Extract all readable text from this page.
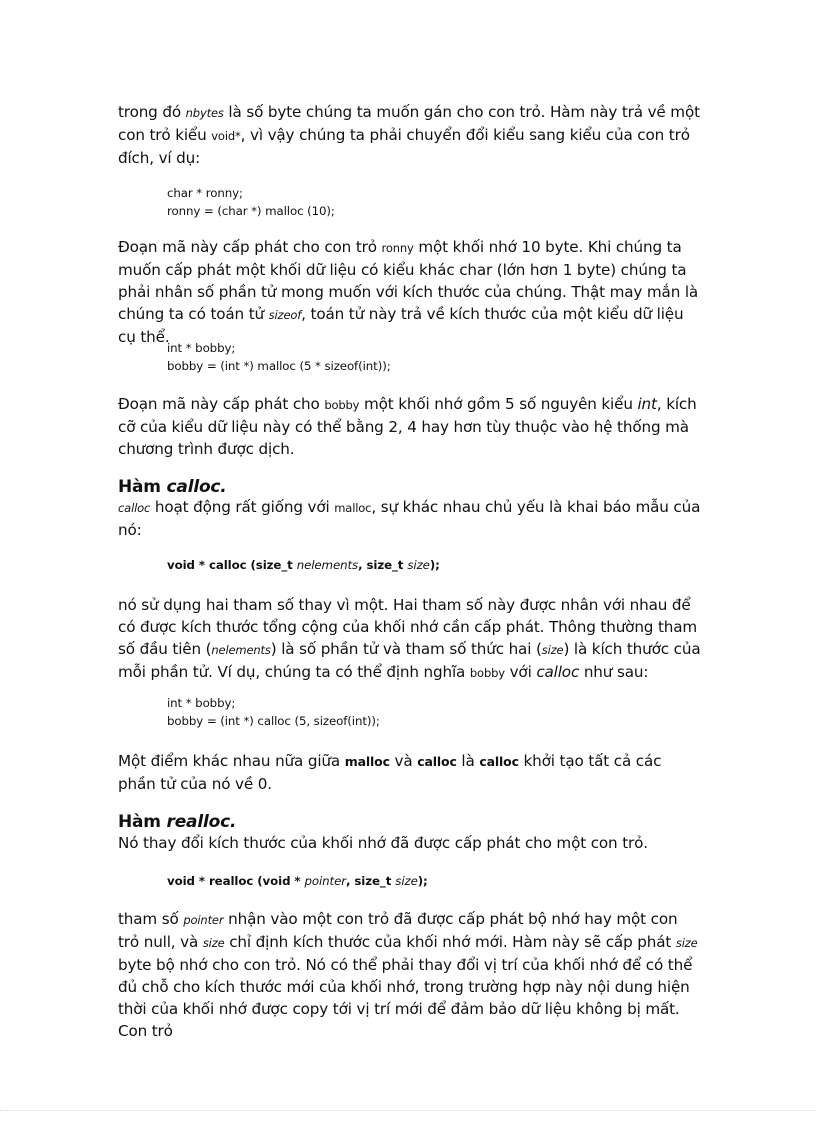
trong đó nbytes là số byte chúng ta muốn gán cho con trỏ. Hàm này trả về một con trỏ kiểu void*, vì vậy chúng ta phải chuyển đổi kiểu sang kiểu của con trỏ đích, ví dụ:

char * ronny;
ronny = (char *) malloc (10);

Đoạn mã này cấp phát cho con trỏ ronny một khối nhớ 10 byte. Khi chúng ta muốn cấp phát một khối dữ liệu có kiểu khác char (lớn hơn 1 byte) chúng ta phải nhân số phần tử mong muốn với kích thước của chúng. Thật may mắn là chúng ta có toán tử sizeof, toán tử này trả về kích thước của một kiểu dữ liệu cụ thể.

int * bobby;
bobby = (int *) malloc (5 * sizeof(int));

Đoạn mã này cấp phát cho bobby một khối nhớ gồm 5 số nguyên kiểu int, kích cỡ của kiểu dữ liệu này có thể bằng 2, 4 hay hơn tùy thuộc vào hệ thống mà chương trình được dịch.

Hàm calloc.

calloc hoạt động rất giống với malloc, sự khác nhau chủ yếu là khai báo mẫu của nó:

void * calloc (size_t nelements, size_t size);

nó sử dụng hai tham số thay vì một. Hai tham số này được nhân với nhau để có được kích thước tổng cộng của khối nhớ cần cấp phát. Thông thường tham số đầu tiên (nelements) là số phần tử và tham số thức hai (size) là kích thước của mỗi phần tử. Ví dụ, chúng ta có thể định nghĩa bobby với calloc như sau:

int * bobby;
bobby = (int *) calloc (5, sizeof(int));

Một điểm khác nhau nữa giữa malloc và calloc là calloc khởi tạo tất cả các phần tử của nó về 0.

Hàm realloc.

Nó thay đổi kích thước của khối nhớ đã được cấp phát cho một con trỏ.

void * realloc (void * pointer, size_t size);

tham số pointer nhận vào một con trỏ đã được cấp phát bộ nhớ hay một con trỏ null, và size chỉ định kích thước của khối nhớ mới. Hàm này sẽ cấp phát size byte bộ nhớ cho con trỏ. Nó có thể phải thay đổi vị trí của khối nhớ để có thể đủ chỗ cho kích thước mới của khối nhớ, trong trường hợp này nội dung hiện thời của khối nhớ được copy tới vị trí mới để đảm bảo dữ liệu không bị mất. Con trỏ
